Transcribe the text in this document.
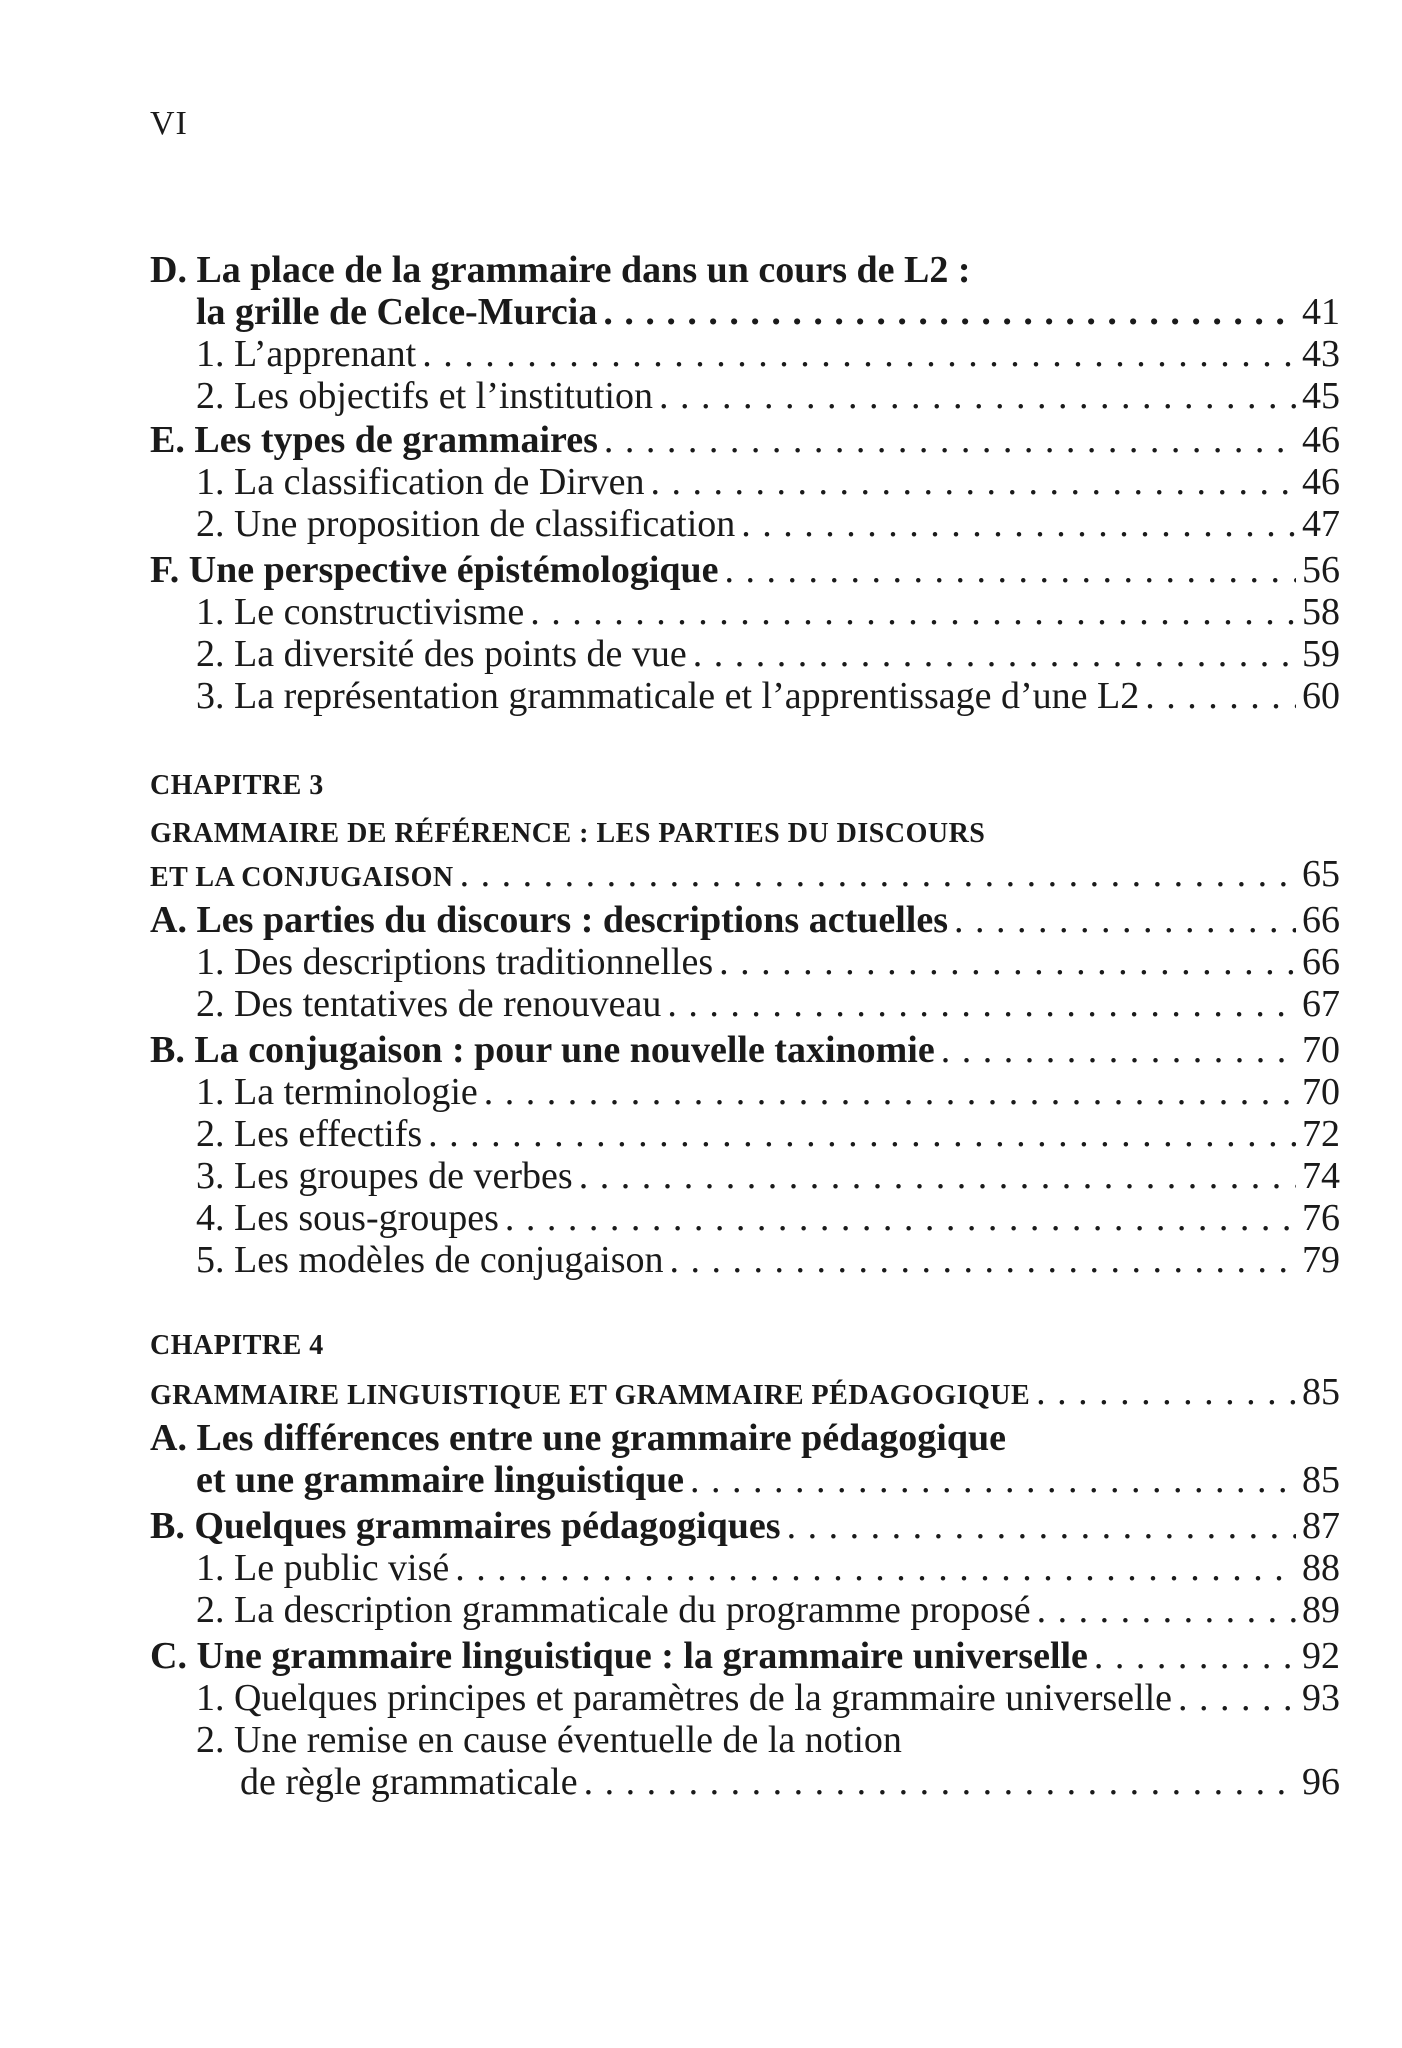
VI
D. La place de la grammaire dans un cours de L2 :
la grille de Celce-Murcia . . .	41
1. L’apprenant . . .	43
2. Les objectifs et l’institution . . .	45
E. Les types de grammaires . . .	46
1. La classification de Dirven . . .	46
2. Une proposition de classification . . .	47
F. Une perspective épistémologique . . .	56
1. Le constructivisme . . .	58
2. La diversité des points de vue . . .	59
3. La représentation grammaticale et l’apprentissage d’une L2 . . .	60
CHAPITRE 3
GRAMMAIRE DE RÉFÉRENCE : LES PARTIES DU DISCOURS
ET LA CONJUGAISON . . .	65
A. Les parties du discours : descriptions actuelles . . .	66
1. Des descriptions traditionnelles . . .	66
2. Des tentatives de renouveau . . .	67
B. La conjugaison : pour une nouvelle taxinomie . . .	70
1. La terminologie . . .	70
2. Les effectifs . . .	72
3. Les groupes de verbes . . .	74
4. Les sous-groupes . . .	76
5. Les modèles de conjugaison . . .	79
CHAPITRE 4
GRAMMAIRE LINGUISTIQUE ET GRAMMAIRE PÉDAGOGIQUE . . .	85
A. Les différences entre une grammaire pédagogique
et une grammaire linguistique . . .	85
B. Quelques grammaires pédagogiques . . .	87
1. Le public visé . . .	88
2. La description grammaticale du programme proposé . . .	89
C. Une grammaire linguistique : la grammaire universelle . . .	92
1. Quelques principes et paramètres de la grammaire universelle . . .	93
2. Une remise en cause éventuelle de la notion
de règle grammaticale . . .	96
